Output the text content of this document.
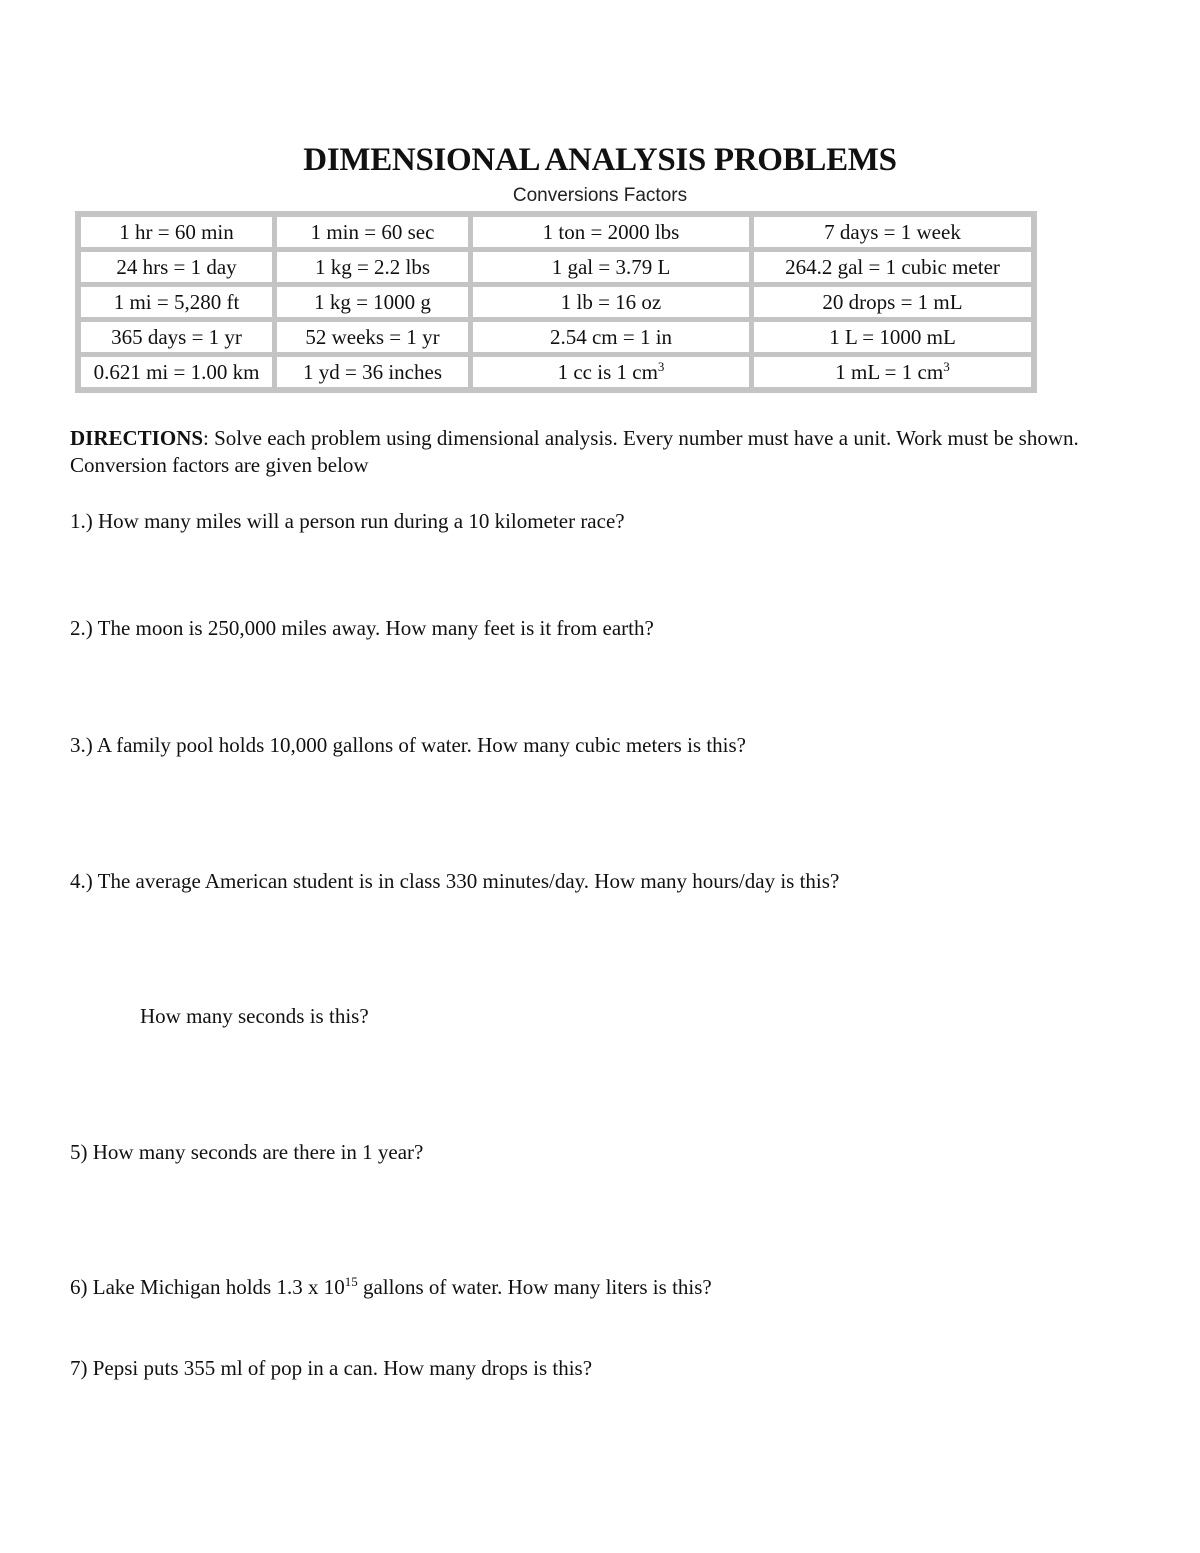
DIMENSIONAL ANALYSIS PROBLEMS
Conversions Factors
1 hr = 60 min	1 min = 60 sec	1 ton = 2000 lbs	7 days = 1 week
24 hrs = 1 day	1 kg = 2.2 lbs	1 gal = 3.79 L	264.2 gal = 1 cubic meter
1 mi = 5,280 ft	1 kg = 1000 g	1 lb = 16 oz	20 drops = 1 mL
365 days = 1 yr	52 weeks = 1 yr	2.54 cm = 1 in	1 L = 1000 mL
0.621 mi = 1.00 km	1 yd = 36 inches	1 cc is 1 $cm^3$	1 mL = 1 $cm^3$
DIRECTIONS: Solve each problem using dimensional analysis. Every number must have a unit. Work must be shown. Conversion factors are given below
1.) How many miles will a person run during a 10 kilometer race?
2.) The moon is 250,000 miles away. How many feet is it from earth?
3.) A family pool holds 10,000 gallons of water. How many cubic meters is this?
4.) The average American student is in class 330 minutes/day. How many hours/day is this?
How many seconds is this?
5) How many seconds are there in 1 year?
6) Lake Michigan holds 1.3 x $10^{15}$ gallons of water. How many liters is this?
7) Pepsi puts 355 ml of pop in a can. How many drops is this?
